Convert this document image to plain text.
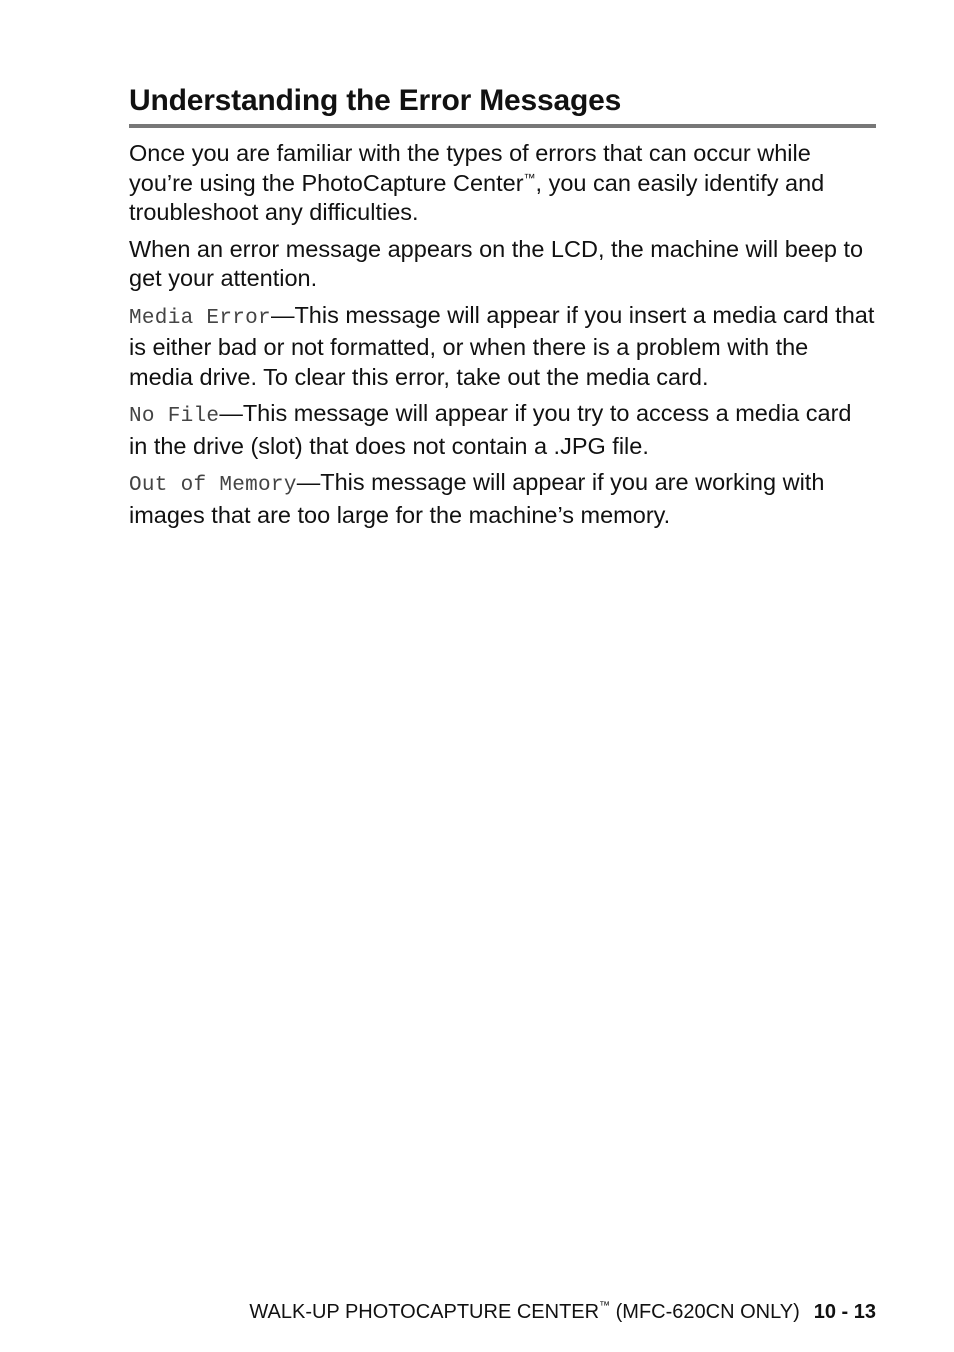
Understanding the Error Messages

Once you are familiar with the types of errors that can occur while you’re using the PhotoCapture Center™, you can easily identify and troubleshoot any difficulties.

When an error message appears on the LCD, the machine will beep to get your attention.

Media Error—This message will appear if you insert a media card that is either bad or not formatted, or when there is a problem with the media drive. To clear this error, take out the media card.

No File—This message will appear if you try to access a media card in the drive (slot) that does not contain a .JPG file.

Out of Memory—This message will appear if you are working with images that are too large for the machine’s memory.

WALK-UP PHOTOCAPTURE CENTER™ (MFC-620CN ONLY) 10 - 13
